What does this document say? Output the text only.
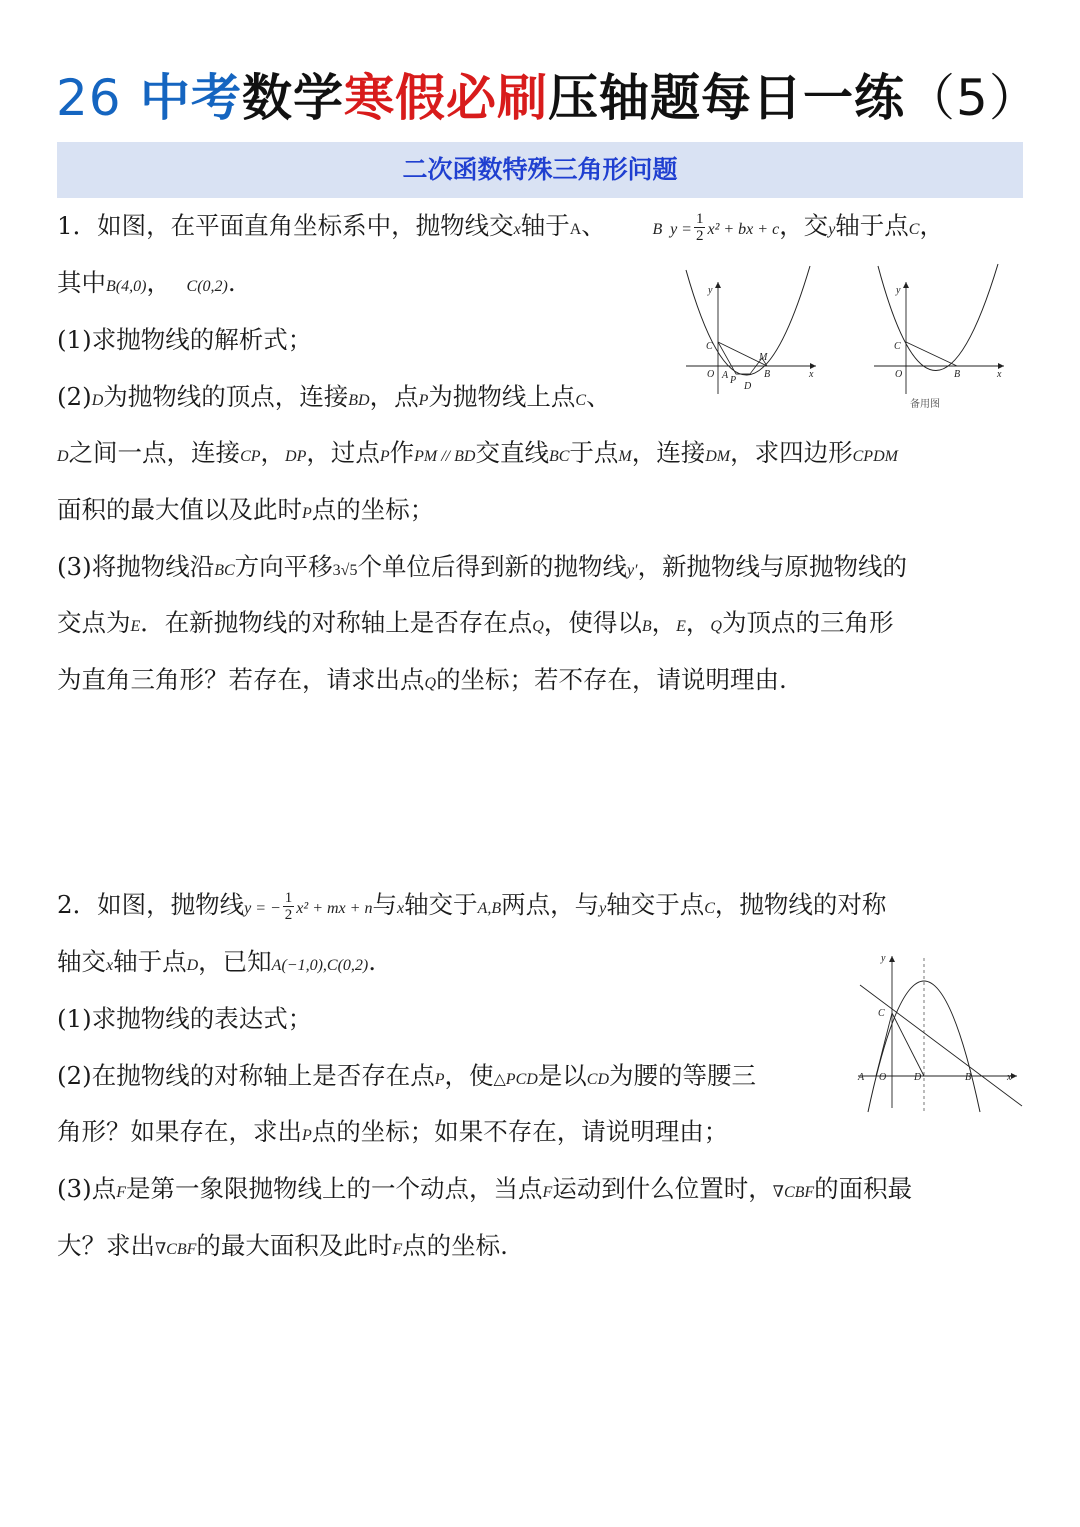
26 中考数学寒假必刷压轴题每日一练（5）
二次函数特殊三角形问题
1．如图，在平面直角坐标系中，抛物线交x轴于A、	B $y = \frac{1}{2} x^2$ + bx + c，交y轴于点C，
其中B(4,0)， C(0,2).
(1)求抛物线的解析式；
(2)D为抛物线的顶点，连接BD，点P为抛物线上点C、
D之间一点，连接CP，DP，过点P作PM // BD交直线BC于点M，连接DM，求四边形CPDM
面积的最大值以及此时P点的坐标；
(3)将抛物线沿BC方向平移3√5个单位后得到新的抛物线y′，新抛物线与原抛物线的
交点为E．在新抛物线的对称轴上是否存在点Q，使得以B，E，Q为顶点的三角形
为直角三角形？若存在，请求出点Q的坐标；若不存在，请说明理由.
y
x
C
O A P
D
B
M
y
x
C
O	B
备用图
2．如图，抛物线y = − $\frac{1}{2} x^2$ + mx + n与x轴交于A,B两点，与y轴交于点C，抛物线的对称
轴交x轴于点D，已知A(−1,0),C(0,2).
(1)求抛物线的表达式；
(2)在抛物线的对称轴上是否存在点P，使△PCD是以CD为腰的等腰三
角形？如果存在，求出P点的坐标；如果不存在，请说明理由；
(3)点F是第一象限抛物线上的一个动点，当点F运动到什么位置时，∇CBF的面积最
大？求出∇CBF的最大面积及此时F点的坐标.
y
x
C
A O	D	B
